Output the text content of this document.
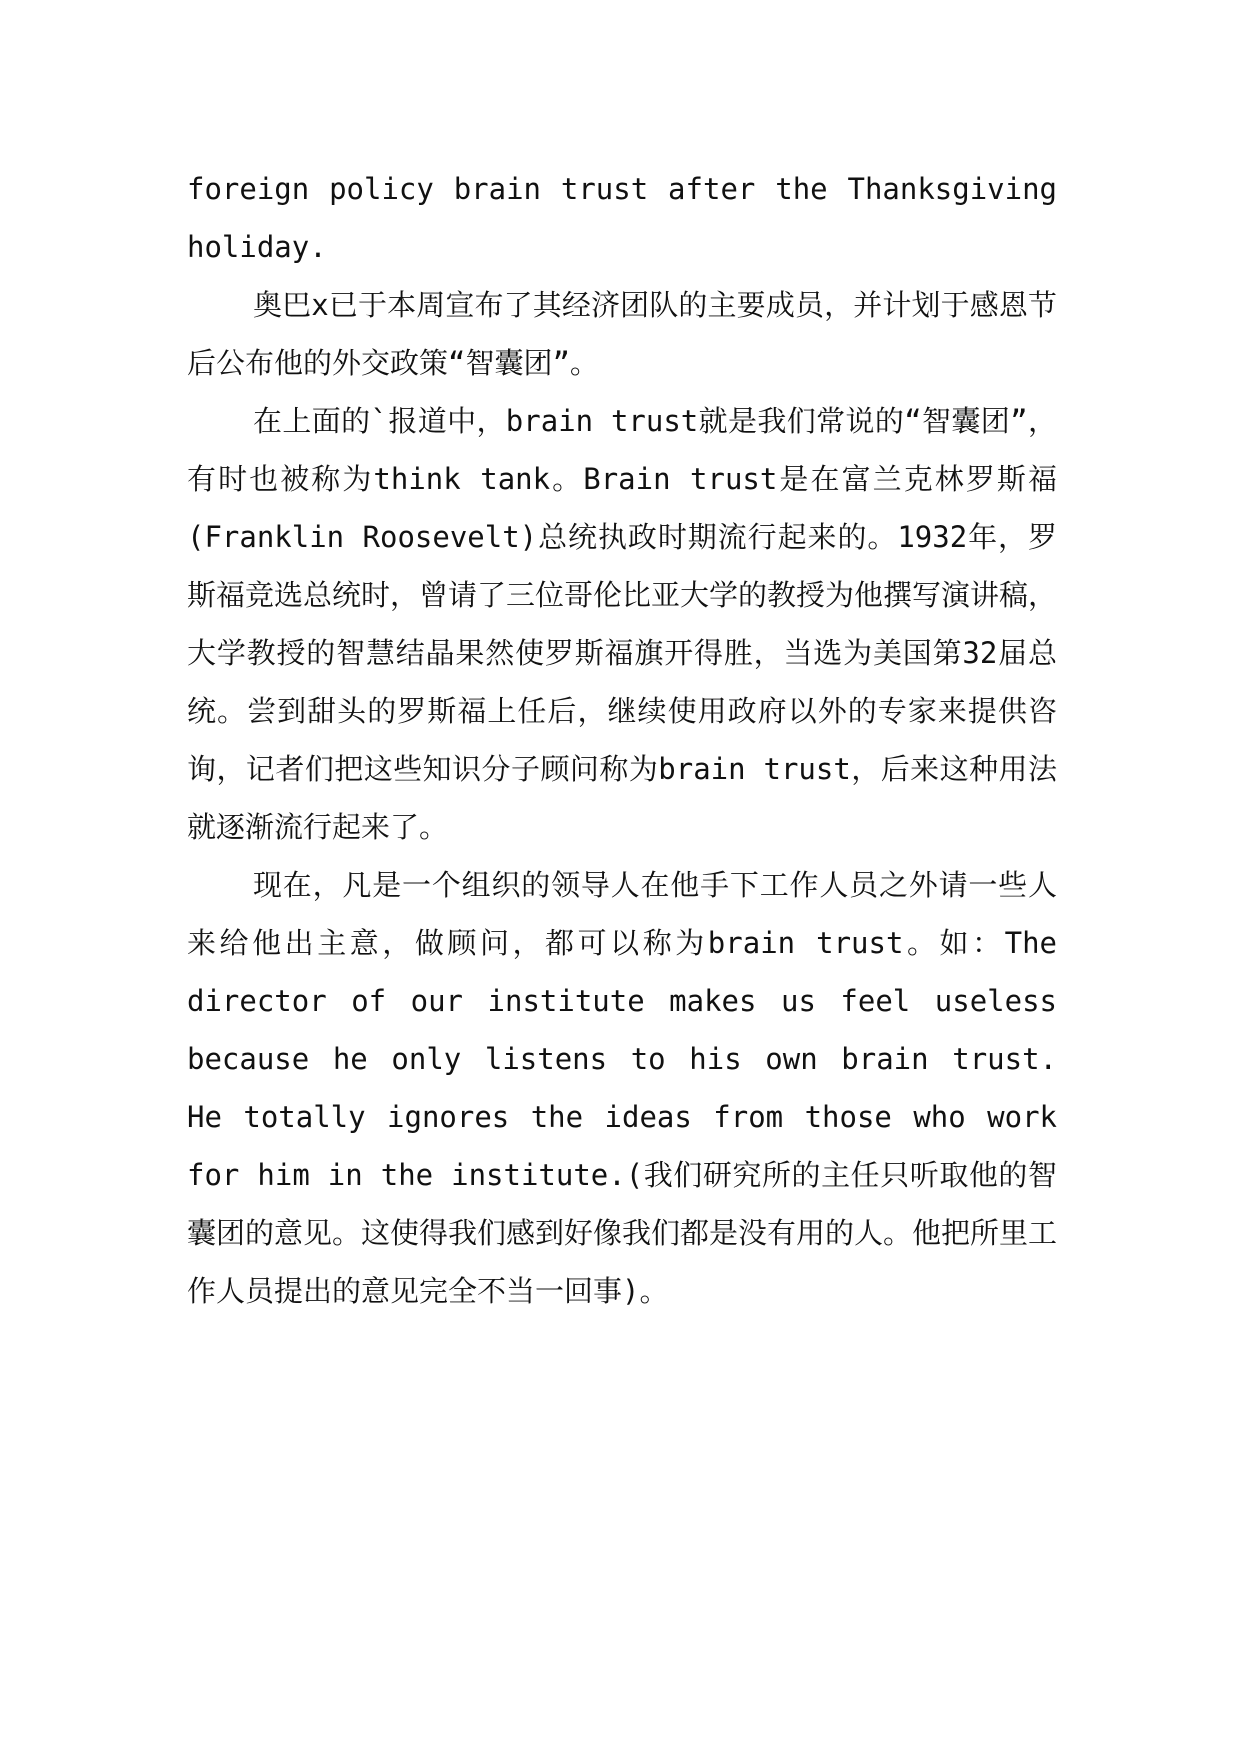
foreign policy brain trust after the Thanksgiving holiday.

奥巴x已于本周宣布了其经济团队的主要成员，并计划于感恩节后公布他的外交政策“智囊团”。

在上面的`报道中，brain trust就是我们常说的“智囊团”，有时也被称为think tank。Brain trust是在富兰克林罗斯福(Franklin Roosevelt)总统执政时期流行起来的。1932年，罗斯福竞选总统时，曾请了三位哥伦比亚大学的教授为他撰写演讲稿，大学教授的智慧结晶果然使罗斯福旗开得胜，当选为美国第32届总统。尝到甜头的罗斯福上任后，继续使用政府以外的专家来提供咨询，记者们把这些知识分子顾问称为brain trust，后来这种用法就逐渐流行起来了。

现在，凡是一个组织的领导人在他手下工作人员之外请一些人来给他出主意，做顾问，都可以称为brain trust。如：The director of our institute makes us feel useless because he only listens to his own brain trust. He totally ignores the ideas from those who work for him in the institute.(我们研究所的主任只听取他的智囊团的意见。这使得我们感到好像我们都是没有用的人。他把所里工作人员提出的意见完全不当一回事)。
